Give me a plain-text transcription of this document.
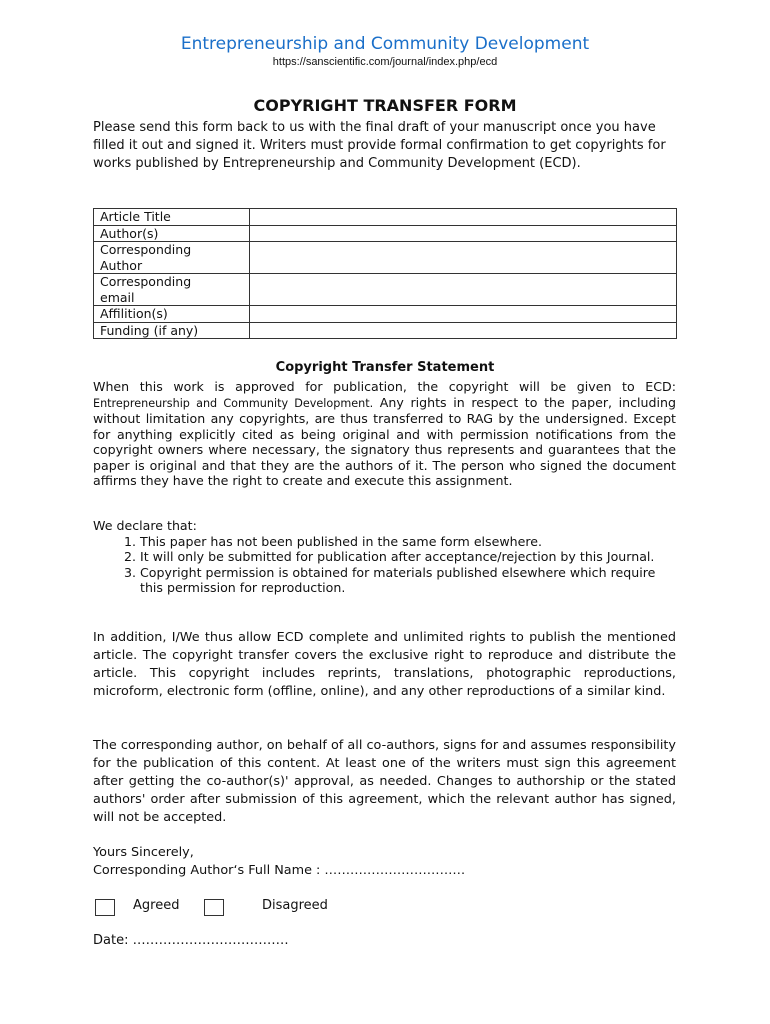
Entrepreneurship and Community Development
https://sanscientific.com/journal/index.php/ecd
COPYRIGHT TRANSFER FORM
Please send this form back to us with the final draft of your manuscript once you have filled it out and signed it. Writers must provide formal confirmation to get copyrights for works published by Entrepreneurship and Community Development (ECD).
Article Title	
Author(s)	

Corresponding Author	

Corresponding email	

Affilition(s)	
Funding (if any)	
Copyright Transfer Statement
When this work is approved for publication, the copyright will be given to ECD: Entrepreneurship and Community Development. Any rights in respect to the paper, including without limitation any copyrights, are thus transferred to RAG by the undersigned. Except for anything explicitly cited as being original and with permission notifications from the copyright owners where necessary, the signatory thus represents and guarantees that the paper is original and that they are the authors of it. The person who signed the document affirms they have the right to create and execute this assignment.
We declare that:
1. This paper has not been published in the same form elsewhere.
2. It will only be submitted for publication after acceptance/rejection by this Journal.
3. Copyright permission is obtained for materials published elsewhere which require this permission for reproduction.
In addition, I/We thus allow ECD complete and unlimited rights to publish the mentioned article. The copyright transfer covers the exclusive right to reproduce and distribute the article. This copyright includes reprints, translations, photographic reproductions, microform, electronic form (offline, online), and any other reproductions of a similar kind.
The corresponding author, on behalf of all co-authors, signs for and assumes responsibility for the publication of this content. At least one of the writers must sign this agreement after getting the co-author(s)' approval, as needed. Changes to authorship or the stated authors' order after submission of this agreement, which the relevant author has signed, will not be accepted.
Yours Sincerely,
Corresponding Author‘s Full Name : ……………………………
Agreed	Disagreed
Date: ………………………………
